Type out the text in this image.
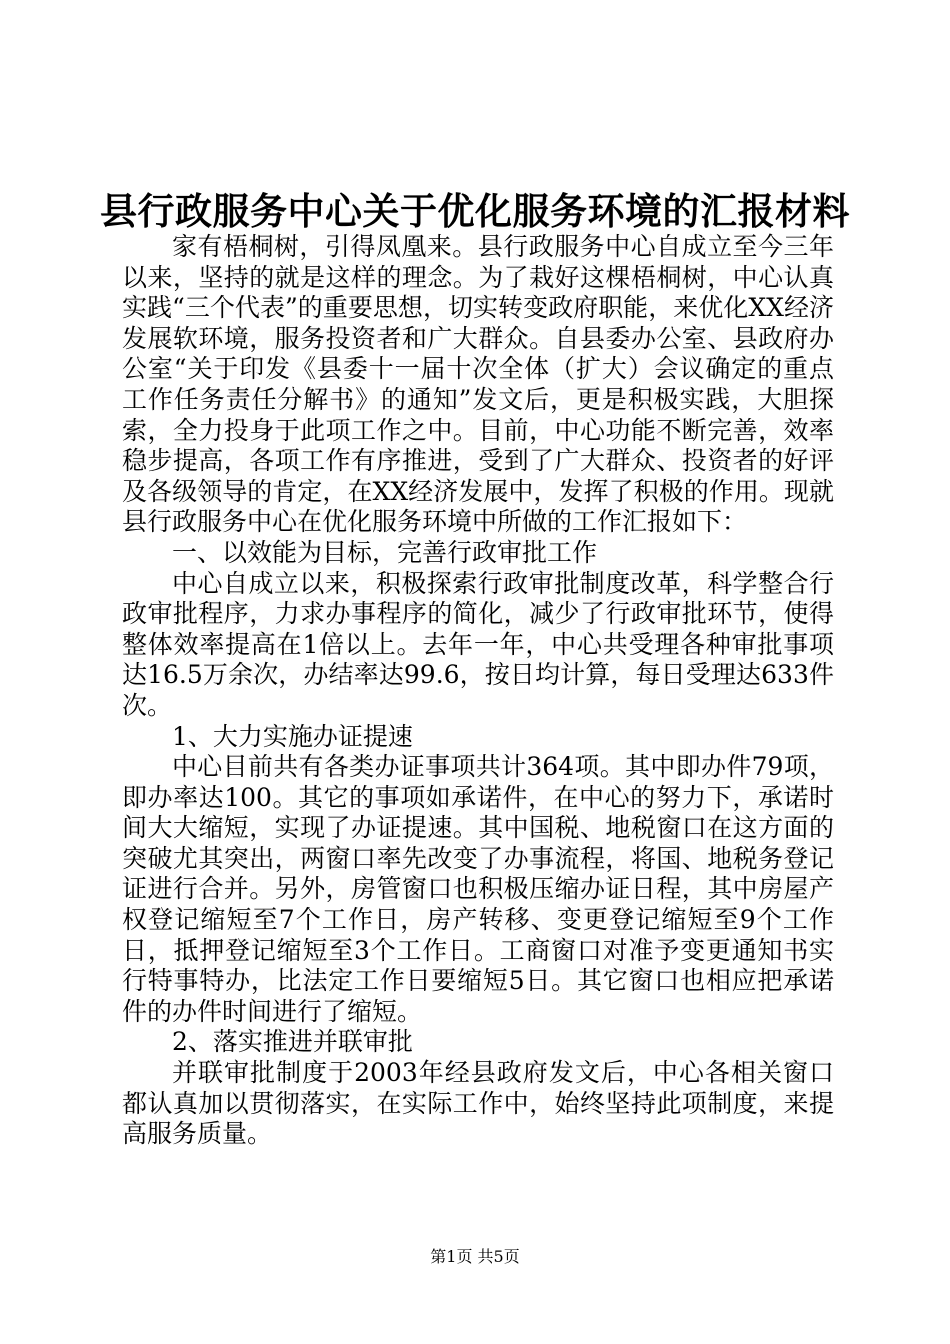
县行政服务中心关于优化服务环境的汇报材料

家有梧桐树，引得凤凰来。县行政服务中心自成立至今三年以来，坚持的就是这样的理念。为了栽好这棵梧桐树，中心认真实践“三个代表”的重要思想，切实转变政府职能，来优化XX经济发展软环境，服务投资者和广大群众。自县委办公室、县政府办公室“关于印发《县委十一届十次全体（扩大）会议确定的重点工作任务责任分解书》的通知”发文后，更是积极实践，大胆探索，全力投身于此项工作之中。目前，中心功能不断完善，效率稳步提高，各项工作有序推进，受到了广大群众、投资者的好评及各级领导的肯定，在XX经济发展中，发挥了积极的作用。现就县行政服务中心在优化服务环境中所做的工作汇报如下：

一、以效能为目标，完善行政审批工作

中心自成立以来，积极探索行政审批制度改革，科学整合行政审批程序，力求办事程序的简化，减少了行政审批环节，使得整体效率提高在1倍以上。去年一年，中心共受理各种审批事项达16.5万余次，办结率达99.6，按日均计算，每日受理达633件次。

1、大力实施办证提速

中心目前共有各类办证事项共计364项。其中即办件79项，即办率达100。其它的事项如承诺件，在中心的努力下，承诺时间大大缩短，实现了办证提速。其中国税、地税窗口在这方面的突破尤其突出，两窗口率先改变了办事流程，将国、地税务登记证进行合并。另外，房管窗口也积极压缩办证日程，其中房屋产权登记缩短至7个工作日，房产转移、变更登记缩短至9个工作日，抵押登记缩短至3个工作日。工商窗口对准予变更通知书实行特事特办，比法定工作日要缩短5日。其它窗口也相应把承诺件的办件时间进行了缩短。

2、落实推进并联审批

并联审批制度于2003年经县政府发文后，中心各相关窗口都认真加以贯彻落实，在实际工作中，始终坚持此项制度，来提高服务质量。

第1页 共5页
